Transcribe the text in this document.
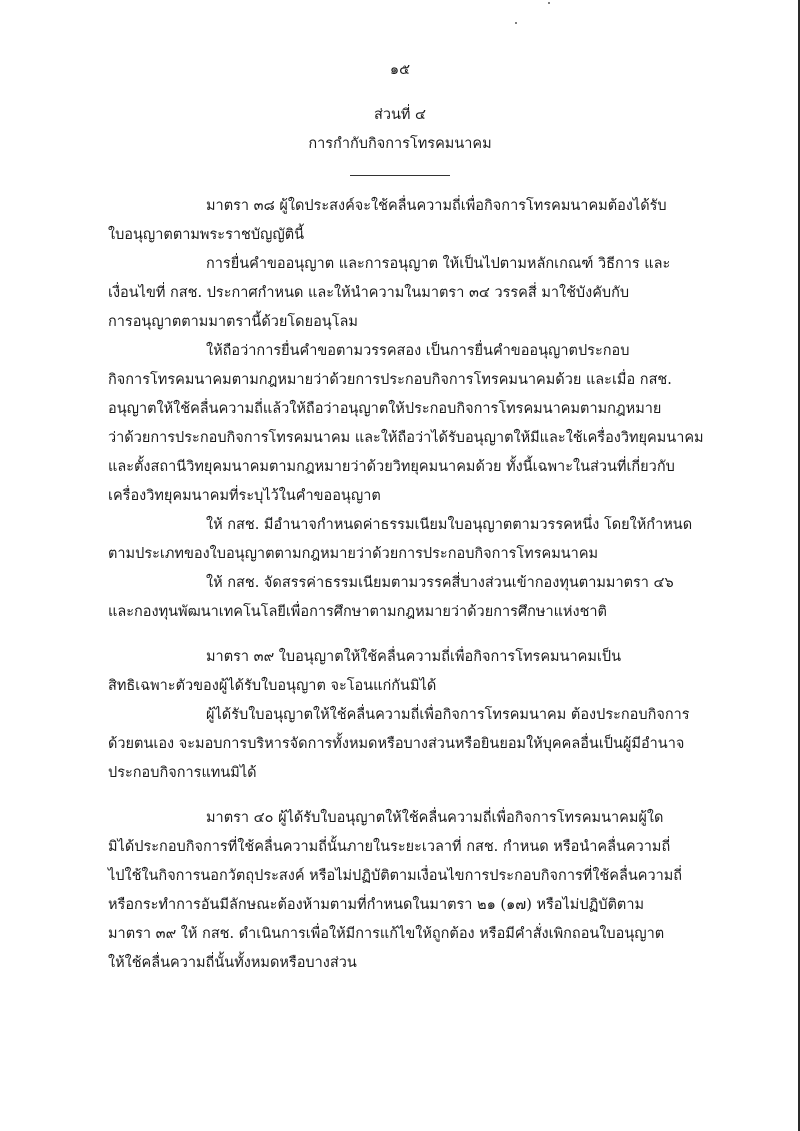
๑๕
ส่วนที่ ๔
การกำกับกิจการโทรคมนาคม
มาตรา ๓๘ ผู้ใดประสงค์จะใช้คลื่นความถี่เพื่อกิจการโทรคมนาคมต้องได้รับ
ใบอนุญาตตามพระราชบัญญัตินี้
การยื่นคำขออนุญาต และการอนุญาต ให้เป็นไปตามหลักเกณฑ์ วิธีการ และ
เงื่อนไขที่ กสช. ประกาศกำหนด และให้นำความในมาตรา ๓๔ วรรคสี่ มาใช้บังคับกับ
การอนุญาตตามมาตรานี้ด้วยโดยอนุโลม
ให้ถือว่าการยื่นคำขอตามวรรคสอง เป็นการยื่นคำขออนุญาตประกอบ
กิจการโทรคมนาคมตามกฎหมายว่าด้วยการประกอบกิจการโทรคมนาคมด้วย และเมื่อ กสช.
อนุญาตให้ใช้คลื่นความถี่แล้วให้ถือว่าอนุญาตให้ประกอบกิจการโทรคมนาคมตามกฎหมาย
ว่าด้วยการประกอบกิจการโทรคมนาคม และให้ถือว่าได้รับอนุญาตให้มีและใช้เครื่องวิทยุคมนาคม
และตั้งสถานีวิทยุคมนาคมตามกฎหมายว่าด้วยวิทยุคมนาคมด้วย ทั้งนี้เฉพาะในส่วนที่เกี่ยวกับ
เครื่องวิทยุคมนาคมที่ระบุไว้ในคำขออนุญาต
ให้ กสช. มีอำนาจกำหนดค่าธรรมเนียมใบอนุญาตตามวรรคหนึ่ง โดยให้กำหนด
ตามประเภทของใบอนุญาตตามกฎหมายว่าด้วยการประกอบกิจการโทรคมนาคม
ให้ กสช. จัดสรรค่าธรรมเนียมตามวรรคสี่บางส่วนเข้ากองทุนตามมาตรา ๔๖
และกองทุนพัฒนาเทคโนโลยีเพื่อการศึกษาตามกฎหมายว่าด้วยการศึกษาแห่งชาติ
มาตรา ๓๙ ใบอนุญาตให้ใช้คลื่นความถี่เพื่อกิจการโทรคมนาคมเป็น
สิทธิเฉพาะตัวของผู้ได้รับใบอนุญาต จะโอนแก่กันมิได้
ผู้ได้รับใบอนุญาตให้ใช้คลื่นความถี่เพื่อกิจการโทรคมนาคม ต้องประกอบกิจการ
ด้วยตนเอง จะมอบการบริหารจัดการทั้งหมดหรือบางส่วนหรือยินยอมให้บุคคลอื่นเป็นผู้มีอำนาจ
ประกอบกิจการแทนมิได้
มาตรา ๔๐ ผู้ได้รับใบอนุญาตให้ใช้คลื่นความถี่เพื่อกิจการโทรคมนาคมผู้ใด
มิได้ประกอบกิจการที่ใช้คลื่นความถี่นั้นภายในระยะเวลาที่ กสช. กำหนด หรือนำคลื่นความถี่
ไปใช้ในกิจการนอกวัตถุประสงค์ หรือไม่ปฏิบัติตามเงื่อนไขการประกอบกิจการที่ใช้คลื่นความถี่
หรือกระทำการอันมีลักษณะต้องห้ามตามที่กำหนดในมาตรา ๒๑ (๑๗) หรือไม่ปฏิบัติตาม
มาตรา ๓๙ ให้ กสช. ดำเนินการเพื่อให้มีการแก้ไขให้ถูกต้อง หรือมีคำสั่งเพิกถอนใบอนุญาต
ให้ใช้คลื่นความถี่นั้นทั้งหมดหรือบางส่วน
